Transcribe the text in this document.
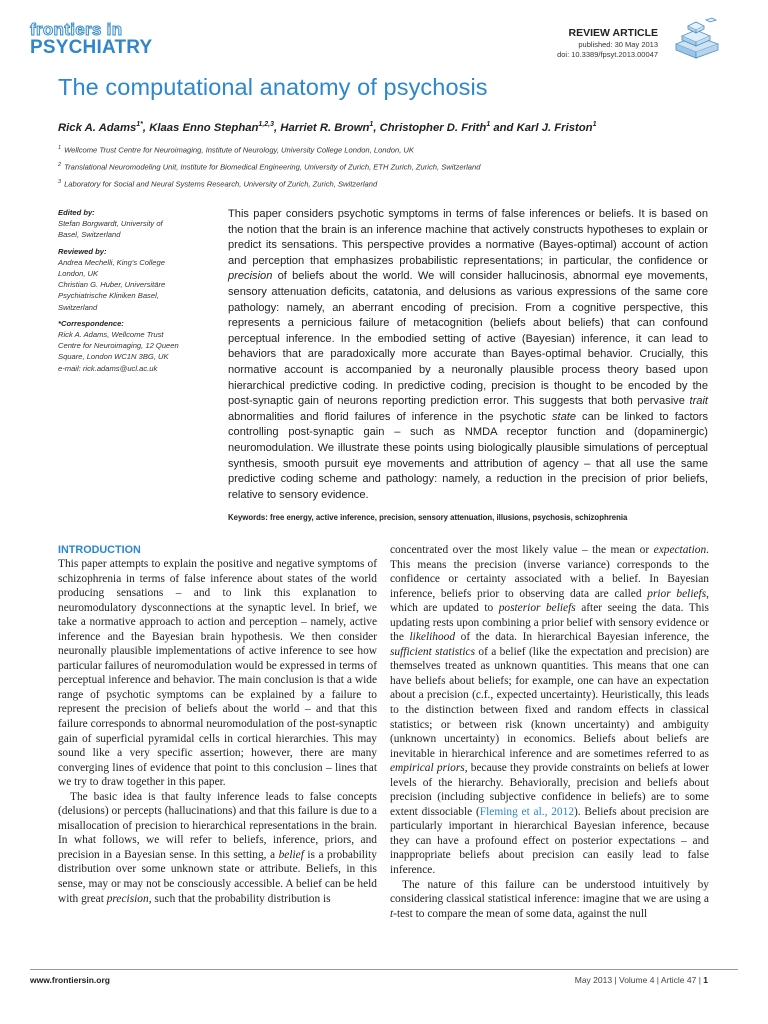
frontiers in
PSYCHIATRY
REVIEW ARTICLE
published: 30 May 2013
doi: 10.3389/fpsyt.2013.00047
The computational anatomy of psychosis
Rick A. Adams$^{1*}$, Klaas Enno Stephan$^{1,2,3}$, Harriet R. Brown$^1$, Christopher D. Frith$^1$ and Karl J. Friston$^1$
$^1$ Wellcome Trust Centre for Neuroimaging, Institute of Neurology, University College London, London, UK
$^2$ Translational Neuromodeling Unit, Institute for Biomedical Engineering, University of Zurich, ETH Zurich, Zurich, Switzerland
$^3$ Laboratory for Social and Neural Systems Research, University of Zurich, Zurich, Switzerland
Edited by:
Stefan Borgwardt, University of
Basel, Switzerland
Reviewed by:
Andrea Mechelli, King's College
London, UK
Christian G. Huber, Universitäre
Psychiatrische Kliniken Basel,
Switzerland
*Correspondence:
Rick A. Adams, Wellcome Trust
Centre for Neuroimaging, 12 Queen
Square, London WC1N 3BG, UK
e-mail: rick.adams@ucl.ac.uk

This paper considers psychotic symptoms in terms of false inferences or beliefs. It is based on the notion that the brain is an inference machine that actively constructs hypotheses to explain or predict its sensations. This perspective provides a normative (Bayes-optimal) account of action and perception that emphasizes probabilistic representations; in particular, the confidence or precision of beliefs about the world. We will consider hallucinosis, abnormal eye movements, sensory attenuation deficits, catatonia, and delusions as various expressions of the same core pathology: namely, an aberrant encoding of precision. From a cognitive perspective, this represents a pernicious failure of metacognition (beliefs about beliefs) that can confound perceptual inference. In the embodied setting of active (Bayesian) inference, it can lead to behaviors that are paradoxically more accurate than Bayes-optimal behavior. Crucially, this normative account is accompanied by a neuronally plausible process theory based upon hierarchical predictive coding. In predictive coding, precision is thought to be encoded by the post-synaptic gain of neurons reporting prediction error. This suggests that both pervasive trait abnormalities and florid failures of inference in the psychotic state can be linked to factors controlling post-synaptic gain – such as NMDA receptor function and (dopaminergic) neuromodulation. We illustrate these points using biologically plausible simulations of perceptual synthesis, smooth pursuit eye movements and attribution of agency – that all use the same predictive coding scheme and pathology: namely, a reduction in the precision of prior beliefs, relative to sensory evidence.

Keywords: free energy, active inference, precision, sensory attenuation, illusions, psychosis, schizophrenia
INTRODUCTION

This paper attempts to explain the positive and negative symptoms of schizophrenia in terms of false inference about states of the world producing sensations – and to link this explanation to neuromodulatory dysconnections at the synaptic level. In brief, we take a normative approach to action and perception – namely, active inference and the Bayesian brain hypothesis. We then consider neuronally plausible implementations of active inference to see how particular failures of neuromodulation would be expressed in terms of perceptual inference and behavior. The main conclusion is that a wide range of psychotic symptoms can be explained by a failure to represent the precision of beliefs about the world – and that this failure corresponds to abnormal neuromodulation of the post-synaptic gain of superficial pyramidal cells in cortical hierarchies. This may sound like a very specific assertion; however, there are many converging lines of evidence that point to this conclusion – lines that we try to draw together in this paper.

The basic idea is that faulty inference leads to false concepts (delusions) or percepts (hallucinations) and that this failure is due to a misallocation of precision to hierarchical representations in the brain. In what follows, we will refer to beliefs, inference, priors, and precision in a Bayesian sense. In this setting, a belief is a probability distribution over some unknown state or attribute. Beliefs, in this sense, may or may not be consciously accessible. A belief can be held with great precision, such that the probability distribution is

concentrated over the most likely value – the mean or expectation. This means the precision (inverse variance) corresponds to the confidence or certainty associated with a belief. In Bayesian inference, beliefs prior to observing data are called prior beliefs, which are updated to posterior beliefs after seeing the data. This updating rests upon combining a prior belief with sensory evidence or the likelihood of the data. In hierarchical Bayesian inference, the sufficient statistics of a belief (like the expectation and precision) are themselves treated as unknown quantities. This means that one can have beliefs about beliefs; for example, one can have an expectation about a precision (c.f., expected uncertainty). Heuristically, this leads to the distinction between fixed and random effects in classical statistics; or between risk (known uncertainty) and ambiguity (unknown uncertainty) in economics. Beliefs about beliefs are inevitable in hierarchical inference and are sometimes referred to as empirical priors, because they provide constraints on beliefs at lower levels of the hierarchy. Behaviorally, precision and beliefs about precision (including subjective confidence in beliefs) are to some extent dissociable (Fleming et al., 2012). Beliefs about precision are particularly important in hierarchical Bayesian inference, because they can have a profound effect on posterior expectations – and inappropriate beliefs about precision can easily lead to false inference.

The nature of this failure can be understood intuitively by considering classical statistical inference: imagine that we are using a t-test to compare the mean of some data, against the null

www.frontiersin.org	May 2013 | Volume 4 | Article 47 | 1
